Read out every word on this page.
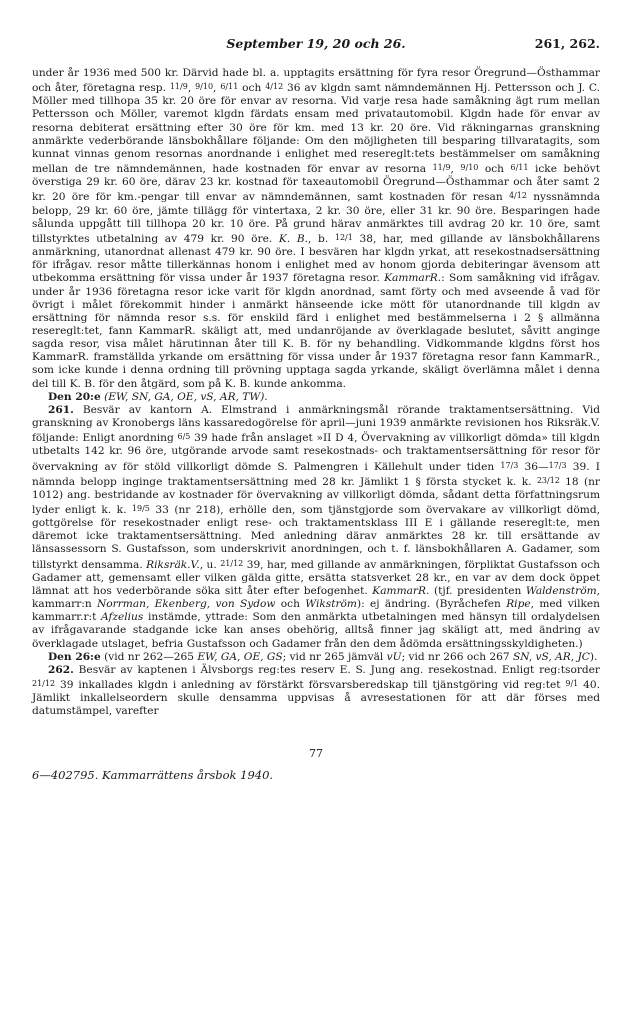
September 19, 20 och 26.	261, 262.

under år 1936 med 500 kr. Därvid hade bl. a. upptagits ersättning för fyra resor Öregrund—Östhammar och åter, företagna resp. 11/9, 9/10, 6/11 och 4/12 36 av klgdn samt nämndemännen Hj. Pettersson och J. C. Möller med tillhopa 35 kr. 20 öre för envar av resorna. Vid varje resa hade samåkning ägt rum mellan Pettersson och Möller, varemot klgdn färdats ensam med privatautomobil. Klgdn hade för envar av resorna debiterat ersättning efter 30 öre för km. med 13 kr. 20 öre. Vid räkningarnas granskning anmärkte vederbörande länsbokhållare följande: Om den möjligheten till besparing tillvaratagits, som kunnat vinnas genom resornas anordnande i enlighet med resereglt:tets bestämmelser om samåkning mellan de tre nämndemännen, hade kostnaden för envar av resorna 11/9, 9/10 och 6/11 icke behövt överstiga 29 kr. 60 öre, därav 23 kr. kostnad för taxeautomobil Öregrund—Östhammar och åter samt 2 kr. 20 öre för km.-pengar till envar av nämndemännen, samt kostnaden för resan 4/12 nyssnämnda belopp, 29 kr. 60 öre, jämte tillägg för vintertaxa, 2 kr. 30 öre, eller 31 kr. 90 öre. Besparingen hade sålunda uppgått till tillhopa 20 kr. 10 öre. På grund härav anmärktes till avdrag 20 kr. 10 öre, samt tillstyrktes utbetalning av 479 kr. 90 öre. K. B., b. 12/1 38, har, med gillande av länsbokhållarens anmärkning, utanordnat allenast 479 kr. 90 öre. I besvären har klgdn yrkat, att resekostnadsersättning för ifrågav. resor måtte tillerkännas honom i enlighet med av honom gjorda debiteringar ävensom att utbekomma ersättning för vissa under år 1937 företagna resor. KammarR.: Som samåkning vid ifrågav. under år 1936 företagna resor icke varit för klgdn anordnad, samt förty och med avseende å vad för övrigt i målet förekommit hinder i anmärkt hänseende icke mött för utanordnande till klgdn av ersättning för nämnda resor s.s. för enskild färd i enlighet med bestämmelserna i 2 § allmänna resereglt:tet, fann KammarR. skäligt att, med undanröjande av överklagade beslutet, såvitt anginge sagda resor, visa målet härutinnan åter till K. B. för ny behandling. Vidkommande klgdns först hos KammarR. framställda yrkande om ersättning för vissa under år 1937 företagna resor fann KammarR., som icke kunde i denna ordning till prövning upptaga sagda yrkande, skäligt överlämna målet i denna del till K. B. för den åtgärd, som på K. B. kunde ankomma.

Den 20:e (EW, SN, GA, OE, vS, AR, TW).

261. Besvär av kantorn A. Elmstrand i anmärkningsmål rörande traktamentsersättning. Vid granskning av Kronobergs läns kassaredogörelse för april—juni 1939 anmärkte revisionen hos Riksräk.V. följande: Enligt anordning 6/5 39 hade från anslaget »II D 4, Övervakning av villkorligt dömda» till klgdn utbetalts 142 kr. 96 öre, utgörande arvode samt resekostnads- och traktamentsersättning för resor för övervakning av för stöld villkorligt dömde S. Palmengren i Källehult under tiden 17/3 36—17/3 39. I nämnda belopp inginge traktamentsersättning med 28 kr. Jämlikt 1 § första stycket k. k. 23/12 18 (nr 1012) ang. bestridande av kostnader för övervakning av villkorligt dömda, sådant detta författningsrum lyder enligt k. k. 19/5 33 (nr 218), erhölle den, som tjänstgjorde som övervakare av villkorligt dömd, gottgörelse för resekostnader enligt rese- och traktamentsklass III E i gällande resereglt:te, men däremot icke traktamentsersättning. Med anledning därav anmärktes 28 kr. till ersättande av länsassessorn S. Gustafsson, som underskrivit anordningen, och t. f. länsbokhållaren A. Gadamer, som tillstyrkt densamma. Riksräk.V., u. 21/12 39, har, med gillande av anmärkningen, förpliktat Gustafsson och Gadamer att, gemensamt eller vilken gälda gitte, ersätta statsverket 28 kr., en var av dem dock öppet lämnat att hos vederbörande söka sitt åter efter befogenhet. KammarR. (tjf. presidenten Waldenström, kammarr:n Norrman, Ekenberg, von Sydow och Wikström): ej ändring. (Byråchefen Ripe, med vilken kammarr.r:t Afzelius instämde, yttrade: Som den anmärkta utbetalningen med hänsyn till ordalydelsen av ifrågavarande stadgande icke kan anses obehörig, alltså finner jag skäligt att, med ändring av överklagade utslaget, befria Gustafsson och Gadamer från den dem ådömda ersättningsskyldigheten.)

Den 26:e (vid nr 262—265 EW, GA, OE, GS; vid nr 265 jämväl vU; vid nr 266 och 267 SN, vS, AR, JC).

262. Besvär av kaptenen i Älvsborgs reg:tes reserv E. S. Jung ang. resekostnad. Enligt reg:tsorder 21/12 39 inkallades klgdn i anledning av förstärkt försvarsberedskap till tjänstgöring vid reg:tet 9/1 40. Jämlikt inkallelseordern skulle densamma uppvisas å avresestationen för att där förses med datumstämpel, varefter

77
6—402795. Kammarrättens årsbok 1940.
